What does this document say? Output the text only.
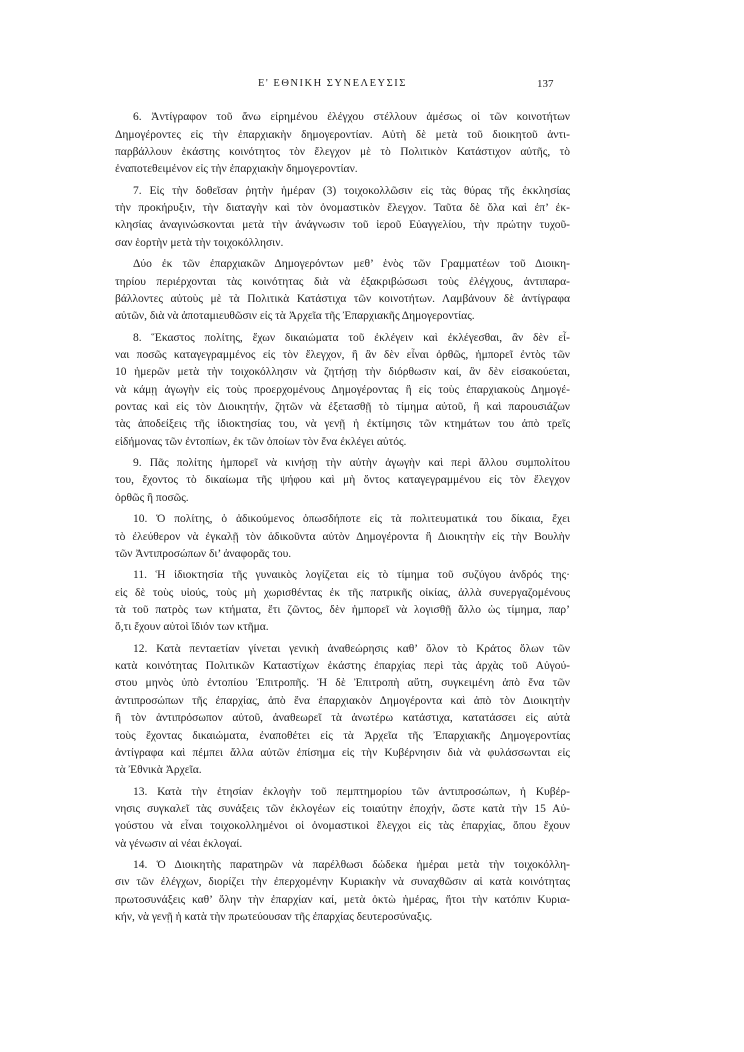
Ε' ΕΘΝΙΚΗ ΣΥΝΕΛΕΥΣΙΣ	137
6. Ἀντίγραφον τοῦ ἄνω εἰρημένου ἐλέγχου στέλλουν ἀμέσως οἱ τῶν κοινοτήτων
Δημογέροντες εἰς τὴν ἐπαρχιακὴν δημογεροντίαν. Αὐτὴ δὲ μετὰ τοῦ διοικητοῦ ἀντι-
παρβάλλουν ἑκάστης κοινότητος τὸν ἔλεγχον μὲ τὸ Πολιτικὸν Κατάστιχον αὐτῆς, τὸ
ἐναποτεθειμένον εἰς τὴν ἐπαρχιακὴν δημογεροντίαν.
7. Εἰς τὴν δοθεῖσαν ῥητὴν ἡμέραν (3) τοιχοκολλῶσιν εἰς τὰς θύρας τῆς ἐκκλησίας
τὴν προκήρυξιν, τὴν διαταγὴν καὶ τὸν ὀνομαστικὸν ἔλεγχον. Ταῦτα δὲ ὅλα καὶ ἐπ’ ἐκ-
κλησίας ἀναγινώσκονται μετὰ τὴν ἀνάγνωσιν τοῦ ἱεροῦ Εὐαγγελίου, τὴν πρώτην τυχοῦ-
σαν ἑορτὴν μετὰ τὴν τοιχοκόλλησιν.
Δύο ἐκ τῶν ἐπαρχιακῶν Δημογερόντων μεθ’ ἑνὸς τῶν Γραμματέων τοῦ Διοικη-
τηρίου περιέρχονται τὰς κοινότητας διὰ νὰ ἐξακριβώσωσι τοὺς ἐλέγχους, ἀντιπαρα-
βάλλοντες αὐτοὺς μὲ τὰ Πολιτικὰ Κατάστιχα τῶν κοινοτήτων. Λαμβάνουν δὲ ἀντίγραφα
αὐτῶν, διὰ νὰ ἀποταμιευθῶσιν εἰς τὰ Ἀρχεῖα τῆς Ἐπαρχιακῆς Δημογεροντίας.
8. Ἕκαστος πολίτης, ἔχων δικαιώματα τοῦ ἐκλέγειν καὶ ἐκλέγεσθαι, ἂν δὲν εἶ-
ναι ποσῶς καταγεγραμμένος εἰς τὸν ἔλεγχον, ἢ ἂν δὲν εἶναι ὀρθῶς, ἠμπορεῖ ἐντὸς τῶν
10 ἡμερῶν μετὰ τὴν τοιχοκόλλησιν νὰ ζητήσῃ τὴν διόρθωσιν καί, ἂν δὲν εἰσακούεται,
νὰ κάμῃ ἀγωγὴν εἰς τοὺς προερχομένους Δημογέροντας ἢ εἰς τοὺς ἐπαρχιακοὺς Δημογέ-
ροντας καὶ εἰς τὸν Διοικητήν, ζητῶν νὰ ἐξετασθῇ τὸ τίμημα αὐτοῦ, ἢ καὶ παρουσιάζων
τὰς ἀποδείξεις τῆς ἰδιοκτησίας του, νὰ γενῇ ἡ ἐκτίμησις τῶν κτημάτων του ἀπὸ τρεῖς
εἰδήμονας τῶν ἐντοπίων, ἐκ τῶν ὁποίων τὸν ἕνα ἐκλέγει αὐτός.
9. Πᾶς πολίτης ἠμπορεῖ νὰ κινήσῃ τὴν αὐτὴν ἀγωγὴν καὶ περὶ ἄλλου συμπολίτου
του, ἔχοντος τὸ δικαίωμα τῆς ψήφου καὶ μὴ ὄντος καταγεγραμμένου εἰς τὸν ἔλεγχον
ὀρθῶς ἢ ποσῶς.
10. Ὁ πολίτης, ὁ ἀδικούμενος ὁπωσδήποτε εἰς τὰ πολιτευματικά του δίκαια, ἔχει
τὸ ἐλεύθερον νὰ ἐγκαλῇ τὸν ἀδικοῦντα αὐτὸν Δημογέροντα ἢ Διοικητὴν εἰς τὴν Βουλὴν
τῶν Ἀντιπροσώπων δι’ ἀναφορᾶς του.
11. Ἡ ἰδιοκτησία τῆς γυναικὸς λογίζεται εἰς τὸ τίμημα τοῦ συζύγου ἀνδρός της·
εἰς δὲ τοὺς υἱούς, τοὺς μὴ χωρισθέντας ἐκ τῆς πατρικῆς οἰκίας, ἀλλὰ συνεργαζομένους
τὰ τοῦ πατρὸς των κτήματα, ἔτι ζῶντος, δὲν ἠμπορεῖ νὰ λογισθῇ ἄλλο ὡς τίμημα, παρ’
ὅ,τι ἔχουν αὐτοὶ ἴδιόν των κτῆμα.
12. Κατὰ πενταετίαν γίνεται γενικὴ ἀναθεώρησις καθ’ ὅλον τὸ Κράτος ὅλων τῶν
κατὰ κοινότητας Πολιτικῶν Καταστίχων ἑκάστης ἐπαρχίας περὶ τὰς ἀρχὰς τοῦ Αὐγού-
στου μηνὸς ὑπὸ ἐντοπίου Ἐπιτροπῆς. Ἡ δὲ Ἐπιτροπὴ αὕτη, συγκειμένη ἀπὸ ἕνα τῶν
ἀντιπροσώπων τῆς ἐπαρχίας, ἀπὸ ἕνα ἐπαρχιακὸν Δημογέροντα καὶ ἀπὸ τὸν Διοικητὴν
ἢ τὸν ἀντιπρόσωπον αὐτοῦ, ἀναθεωρεῖ τὰ ἀνωτέρω κατάστιχα, κατατάσσει εἰς αὐτὰ
τοὺς ἔχοντας δικαιώματα, ἐναποθέτει εἰς τὰ Ἀρχεῖα τῆς Ἐπαρχιακῆς Δημογεροντίας
ἀντίγραφα καὶ πέμπει ἄλλα αὐτῶν ἐπίσημα εἰς τὴν Κυβέρνησιν διὰ νὰ φυλάσσωνται εἰς
τὰ Ἐθνικὰ Ἀρχεῖα.
13. Κατὰ τὴν ἐτησίαν ἐκλογὴν τοῦ πεμπτημορίου τῶν ἀντιπροσώπων, ἡ Κυβέρ-
νησις συγκαλεῖ τὰς συνάξεις τῶν ἐκλογέων εἰς τοιαύτην ἐποχήν, ὥστε κατὰ τὴν 15 Αὐ-
γούστου νὰ εἶναι τοιχοκολλημένοι οἱ ὀνομαστικοὶ ἔλεγχοι εἰς τὰς ἐπαρχίας, ὅπου ἔχουν
νὰ γένωσιν αἱ νέαι ἐκλογαί.
14. Ὁ Διοικητὴς παρατηρῶν νὰ παρέλθωσι δώδεκα ἡμέραι μετὰ τὴν τοιχοκόλλη-
σιν τῶν ἐλέγχων, διορίζει τὴν ἐπερχομένην Κυριακὴν νὰ συναχθῶσιν αἱ κατὰ κοινότητας
πρωτοσυνάξεις καθ’ ὅλην τὴν ἐπαρχίαν καί, μετὰ ὀκτὼ ἡμέρας, ἤτοι τὴν κατόπιν Κυρια-
κήν, νὰ γενῇ ἡ κατὰ τὴν πρωτεύουσαν τῆς ἐπαρχίας δευτεροσύναξις.
